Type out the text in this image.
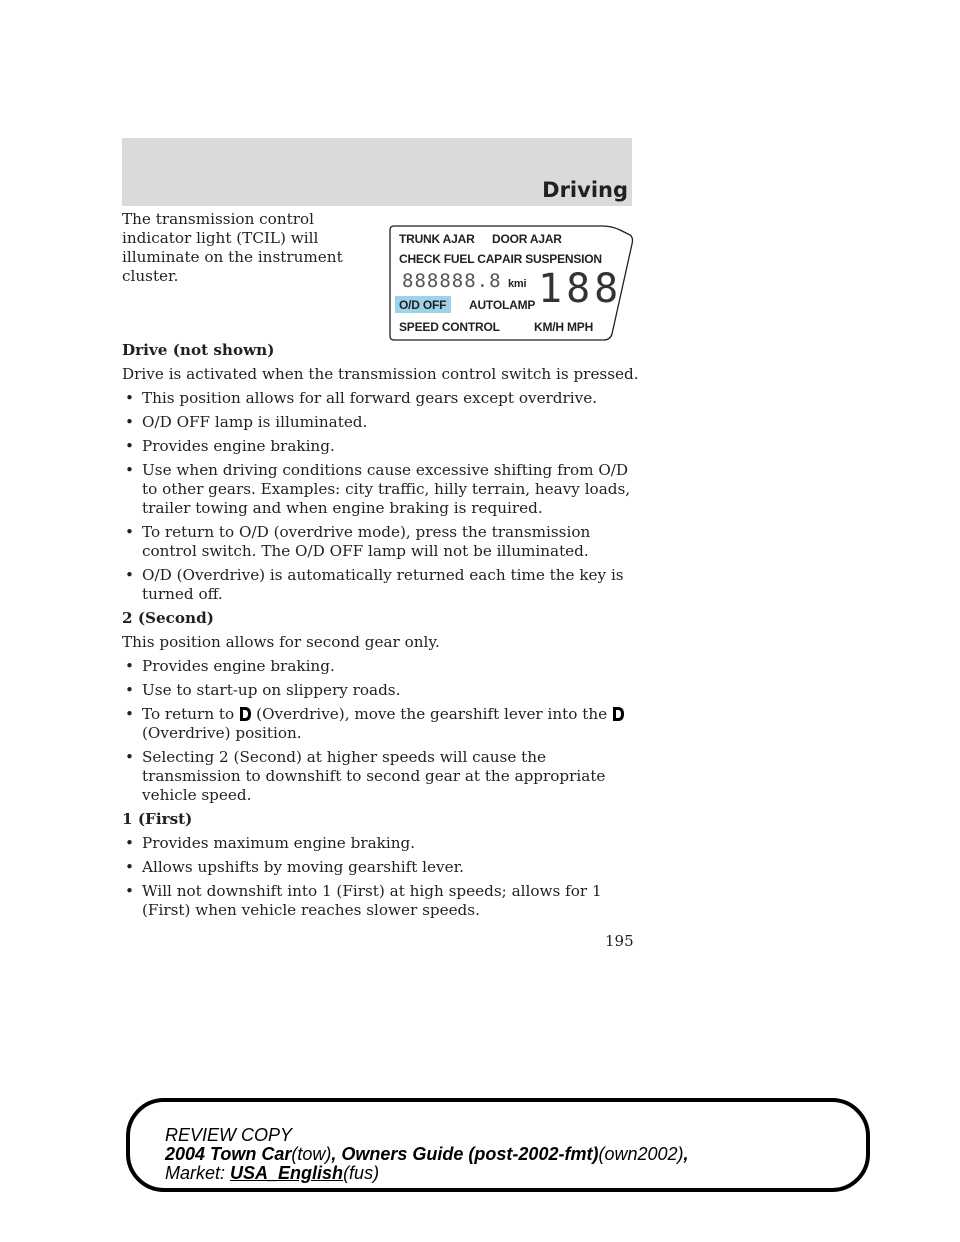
Driving

The transmission control indicator light (TCIL) will illuminate on the instrument cluster.

TRUNK AJAR DOOR AJAR
CHECK FUEL CAP AIR SUSPENSION
888888.8 kmi 188
O/D OFF AUTOLAMP
SPEED CONTROL	KM/H MPH

Drive (not shown)

Drive is activated when the transmission control switch is pressed.

• This position allows for all forward gears except overdrive.
• O/D OFF lamp is illuminated.
• Provides engine braking.
• Use when driving conditions cause excessive shifting from O/D to other gears. Examples: city traffic, hilly terrain, heavy loads, trailer towing and when engine braking is required.
• To return to O/D (overdrive mode), press the transmission control switch. The O/D OFF lamp will not be illuminated.
• O/D (Overdrive) is automatically returned each time the key is turned off.

2 (Second)

This position allows for second gear only.

• Provides engine braking.
• Use to start-up on slippery roads.
• To return to (Overdrive), move the gearshift lever into the
(Overdrive) position.
• Selecting 2 (Second) at higher speeds will cause the transmission to downshift to second gear at the appropriate vehicle speed.

1 (First)

• Provides maximum engine braking.
• Allows upshifts by moving gearshift lever.
• Will not downshift into 1 (First) at high speeds; allows for 1 (First) when vehicle reaches slower speeds.
195
REVIEW COPY
2004 Town Car(tow), Owners Guide (post-2002-fmt)(own2002),
Market: USA_English(fus)
